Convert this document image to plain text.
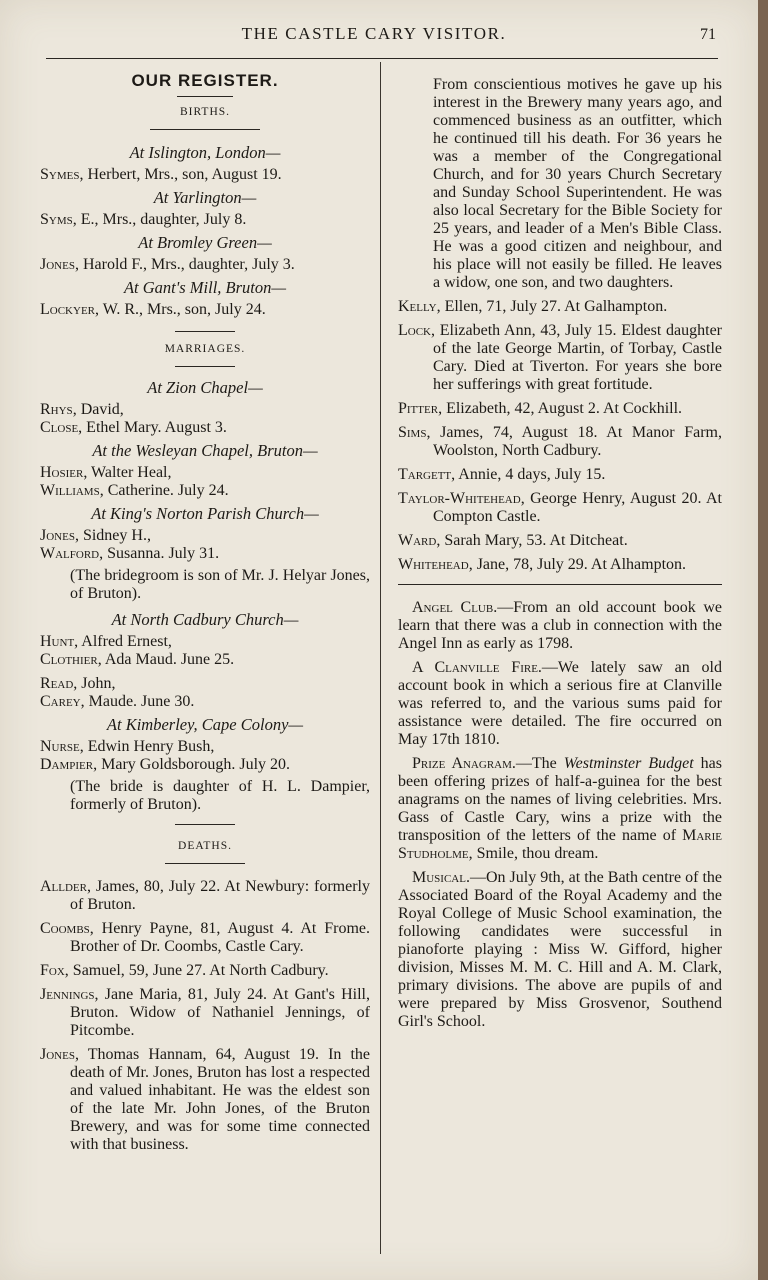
THE CASTLE CARY VISITOR.	71
OUR REGISTER.
BIRTHS.
At Islington, London—
Symes, Herbert, Mrs., son, August 19.
At Yarlington—
Syms, E., Mrs., daughter, July 8.
At Bromley Green—
Jones, Harold F., Mrs., daughter, July 3.
At Gant's Mill, Bruton—
Lockyer, W. R., Mrs., son, July 24.
MARRIAGES.
At Zion Chapel—
Rhys, David,
Close, Ethel Mary. August 3.
At the Wesleyan Chapel, Bruton—
Hosier, Walter Heal,
Williams, Catherine. July 24.
At King's Norton Parish Church—
Jones, Sidney H.,
Walford, Susanna. July 31.
(The bridegroom is son of Mr. J. Helyar Jones, of Bruton).
At North Cadbury Church—
Hunt, Alfred Ernest,
Clothier, Ada Maud. June 25.
Read, John,
Carey, Maude. June 30.
At Kimberley, Cape Colony—
Nurse, Edwin Henry Bush,
Dampier, Mary Goldsborough. July 20.
(The bride is daughter of H. L. Dampier, formerly of Bruton).
DEATHS.
Allder, James, 80, July 22. At Newbury: formerly of Bruton.
Coombs, Henry Payne, 81, August 4. At Frome. Brother of Dr. Coombs, Castle Cary.
Fox, Samuel, 59, June 27. At North Cadbury.
Jennings, Jane Maria, 81, July 24. At Gant's Hill, Bruton. Widow of Nathaniel Jennings, of Pitcombe.
Jones, Thomas Hannam, 64, August 19. In the death of Mr. Jones, Bruton has lost a respected and valued inhabitant. He was the eldest son of the late Mr. John Jones, of the Bruton Brewery, and was for some time connected with that business.
From conscientious motives he gave up his interest in the Brewery many years ago, and commenced business as an outfitter, which he continued till his death. For 36 years he was a member of the Congregational Church, and for 30 years Church Secretary and Sunday School Superintendent. He was also local Secretary for the Bible Society for 25 years, and leader of a Men's Bible Class. He was a good citizen and neighbour, and his place will not easily be filled. He leaves a widow, one son, and two daughters.
Kelly, Ellen, 71, July 27. At Galhampton.
Lock, Elizabeth Ann, 43, July 15. Eldest daughter of the late George Martin, of Torbay, Castle Cary. Died at Tiverton. For years she bore her sufferings with great fortitude.
Pitter, Elizabeth, 42, August 2. At Cockhill.
Sims, James, 74, August 18. At Manor Farm, Woolston, North Cadbury.
Targett, Annie, 4 days, July 15.
Taylor-Whitehead, George Henry, August 20. At Compton Castle.
Ward, Sarah Mary, 53. At Ditcheat.
Whitehead, Jane, 78, July 29. At Alhampton.
Angel Club.—From an old account book we learn that there was a club in connection with the Angel Inn as early as 1798.
A Clanville Fire.—We lately saw an old account book in which a serious fire at Clanville was referred to, and the various sums paid for assistance were detailed. The fire occurred on May 17th 1810.
Prize Anagram.—The Westminster Budget has been offering prizes of half-a-guinea for the best anagrams on the names of living celebrities. Mrs. Gass of Castle Cary, wins a prize with the transposition of the letters of the name of Marie Studholme, Smile, thou dream.
Musical.—On July 9th, at the Bath centre of the Associated Board of the Royal Academy and the Royal College of Music School examination, the following candidates were successful in pianoforte playing : Miss W. Gifford, higher division, Misses M. M. C. Hill and A. M. Clark, primary divisions. The above are pupils of and were prepared by Miss Grosvenor, Southend Girl's School.
